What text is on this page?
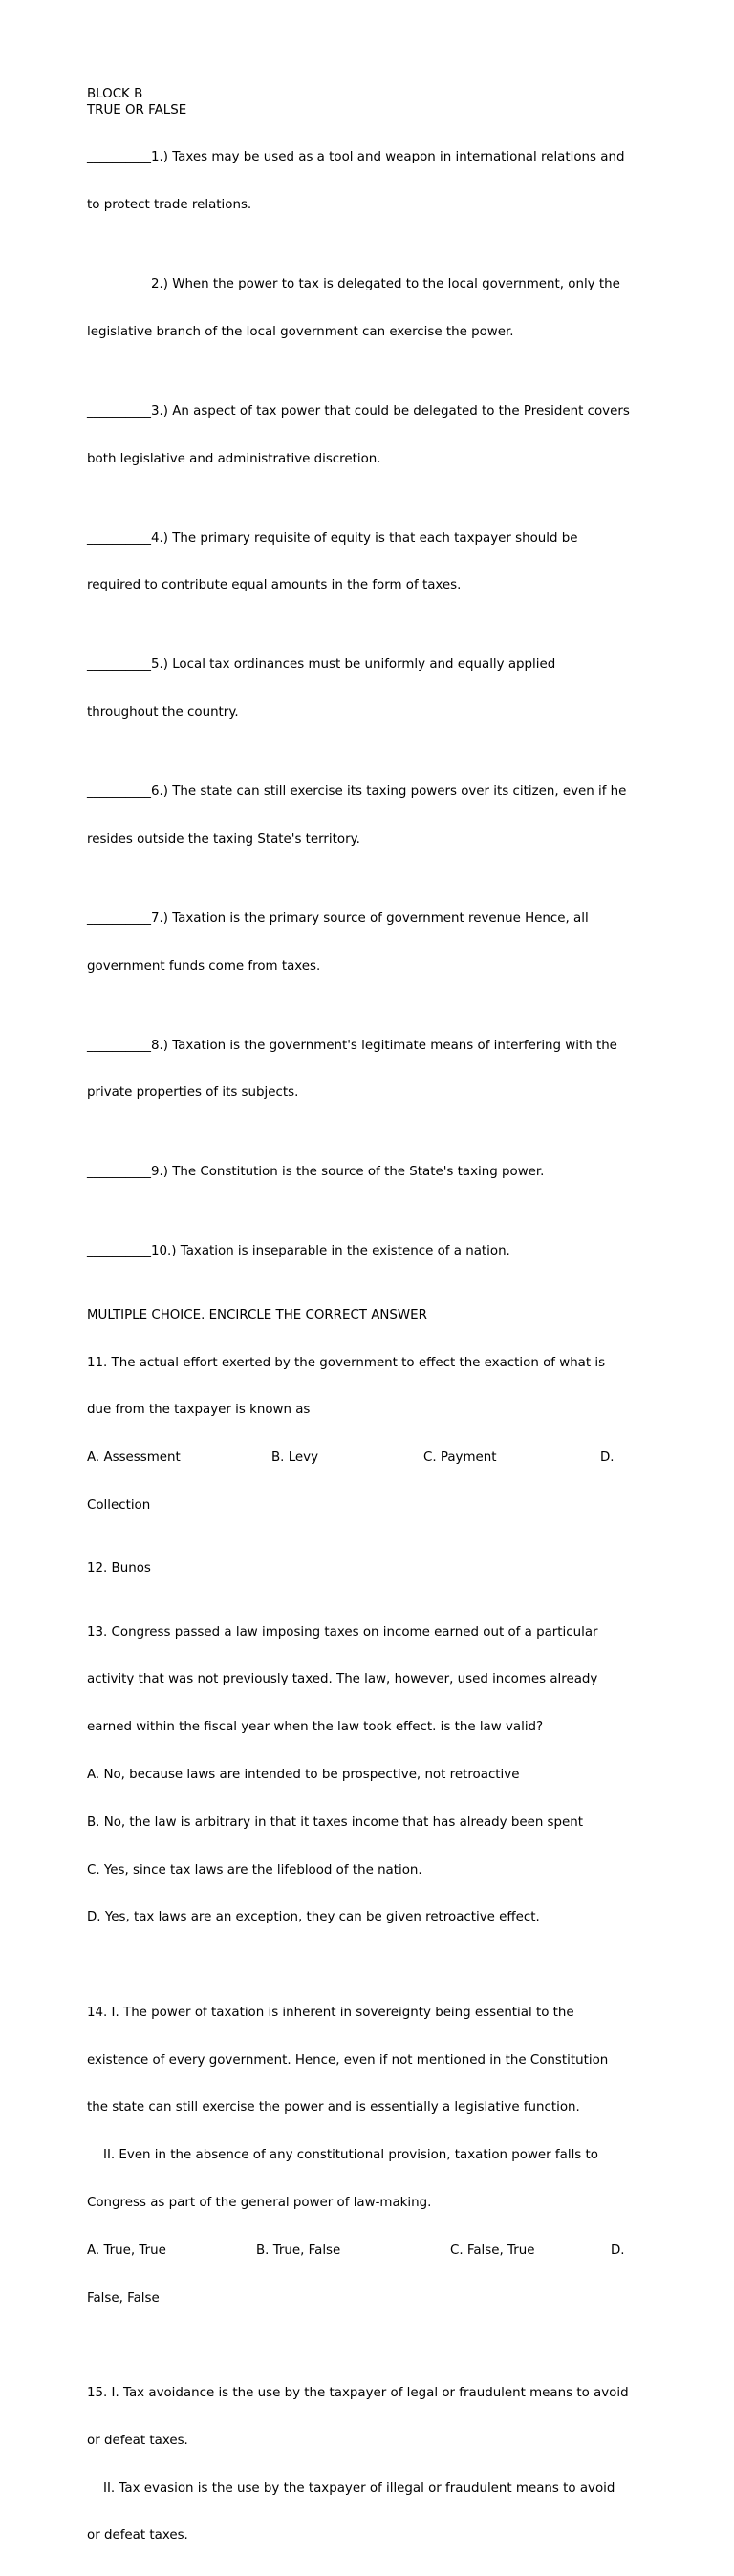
BLOCK B
TRUE OR FALSE

__________1.) Taxes may be used as a tool and weapon in international relations and

to protect trade relations.

__________2.) When the power to tax is delegated to the local government, only the

legislative branch of the local government can exercise the power.

__________3.) An aspect of tax power that could be delegated to the President covers

both legislative and administrative discretion.

__________4.) The primary requisite of equity is that each taxpayer should be

required to contribute equal amounts in the form of taxes.

__________5.) Local tax ordinances must be uniformly and equally applied

throughout the country.

__________6.) The state can still exercise its taxing powers over its citizen, even if he

resides outside the taxing State's territory.

__________7.) Taxation is the primary source of government revenue Hence, all

government funds come from taxes.

__________8.) Taxation is the government's legitimate means of interfering with the

private properties of its subjects.

__________9.) The Constitution is the source of the State's taxing power.

__________10.) Taxation is inseparable in the existence of a nation.

MULTIPLE CHOICE. ENCIRCLE THE CORRECT ANSWER

11. The actual effort exerted by the government to effect the exaction of what is

due from the taxpayer is known as

A. Assessment

	B. Levy

	C. Payment

	D.

Collection

12. Bunos

13. Congress passed a law imposing taxes on income earned out of a particular

activity that was not previously taxed. The law, however, used incomes already

earned within the fiscal year when the law took effect. is the law valid?

A. No, because laws are intended to be prospective, not retroactive

B. No, the law is arbitrary in that it taxes income that has already been spent

C. Yes, since tax laws are the lifeblood of the nation.

D. Yes, tax laws are an exception, they can be given retroactive effect.

14. I. The power of taxation is inherent in sovereignty being essential to the

existence of every government. Hence, even if not mentioned in the Constitution

the state can still exercise the power and is essentially a legislative function.

II. Even in the absence of any constitutional provision, taxation power falls to

Congress as part of the general power of law-making.

A. True, True

	B. True, False

	C. False, True

	D.

False, False

15. I. Tax avoidance is the use by the taxpayer of legal or fraudulent means to avoid

or defeat taxes.

II. Tax evasion is the use by the taxpayer of illegal or fraudulent means to avoid

or defeat taxes.
